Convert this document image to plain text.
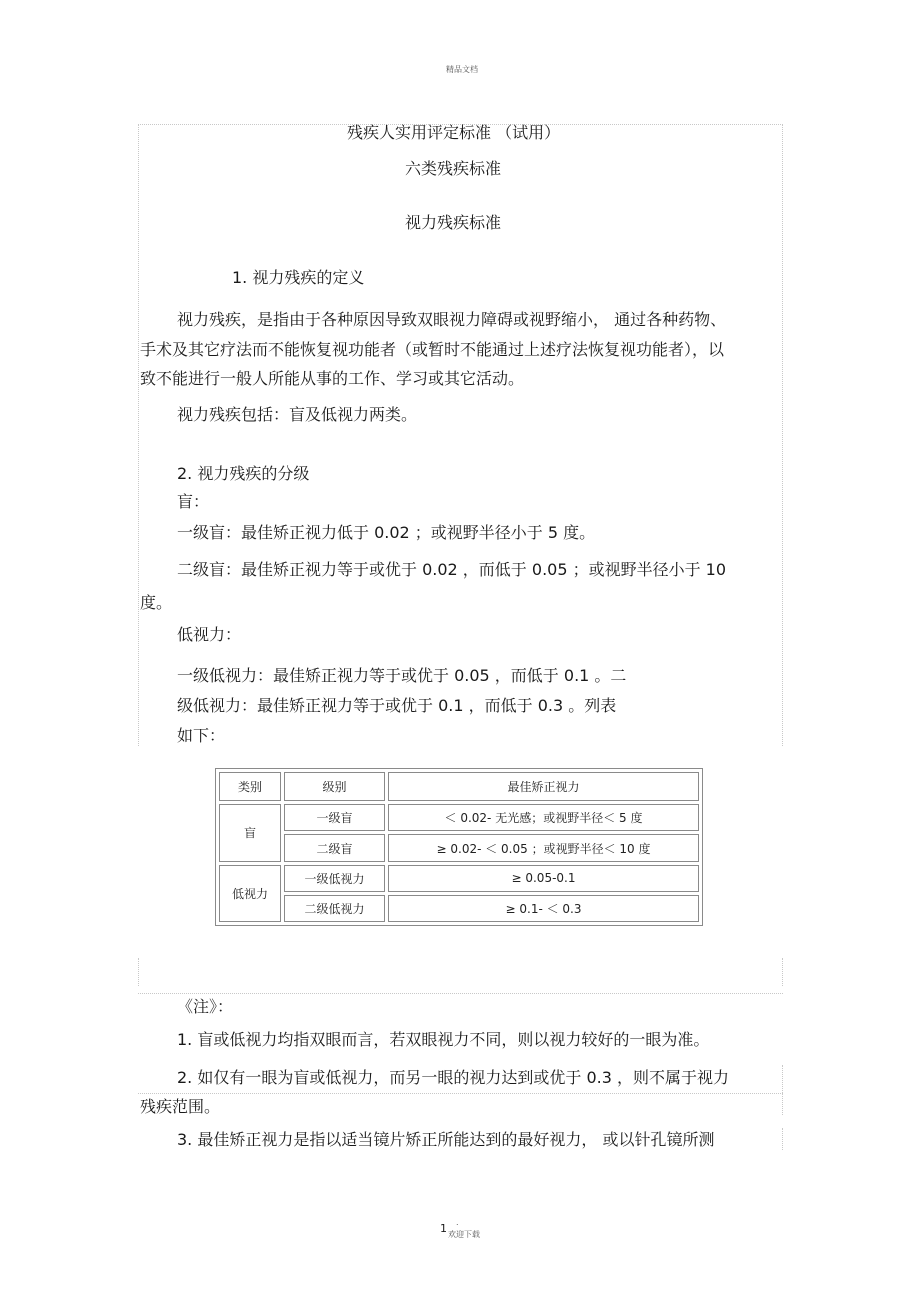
精品文档
残疾人实用评定标准 （试用）
六类残疾标准
视力残疾标准
1. 视力残疾的定义
视力残疾，是指由于各种原因导致双眼视力障碍或视野缩小， 通过各种药物、
手术及其它疗法而不能恢复视功能者（或暂时不能通过上述疗法恢复视功能者），以
致不能进行一般人所能从事的工作、学习或其它活动。
视力残疾包括：盲及低视力两类。
2. 视力残疾的分级
盲：
一级盲：最佳矫正视力低于 0.02 ；或视野半径小于 5 度。
二级盲：最佳矫正视力等于或优于 0.02 ，而低于 0.05 ；或视野半径小于 10
度。
低视力：
一级低视力：最佳矫正视力等于或优于 0.05 ，而低于 0.1 。二
级低视力：最佳矫正视力等于或优于 0.1 ，而低于 0.3 。列表
如下：
类别	级别	最佳矫正视力
盲	一级盲	＜ 0.02- 无光感；或视野半径＜ 5 度
	二级盲	≥ 0.02- ＜ 0.05 ；或视野半径＜ 10 度
低视力	一级低视力	≥ 0.05-0.1
	二级低视力	≥ 0.1- ＜ 0.3
《注》：
1. 盲或低视力均指双眼而言，若双眼视力不同，则以视力较好的一眼为准。
2. 如仅有一眼为盲或低视力，而另一眼的视力达到或优于 0.3 ，则不属于视力
残疾范围。
3. 最佳矫正视力是指以适当镜片矫正所能达到的最好视力， 或以针孔镜所测
.
1 欢迎下载
